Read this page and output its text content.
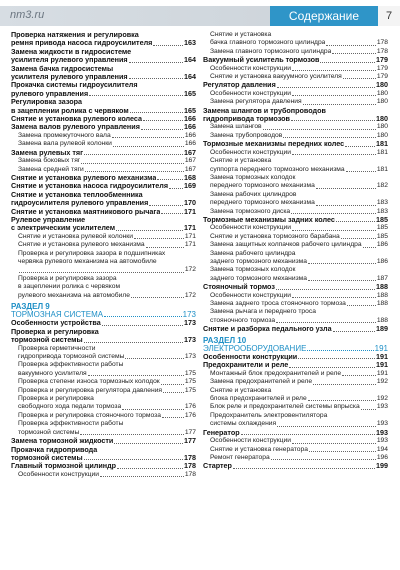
nm3.ru	Содержание	7
Проверка натяжения и регулировка
ремня привода насоса гидроусилителя	163
Замена жидкости в гидросистеме
усилителя рулевого управления	164
Замена бачка гидросистемы
усилителя рулевого управления	164
Прокачка системы гидроусилителя
рулевого управления	165
Регулировка зазора
в зацеплении ролика с червяком	165
Снятие и установка рулевого колеса	166
Замена валов рулевого управления	166
Замена промежуточного вала	166
Замена вала рулевой колонки	166
Замена рулевых тяг	167
Замена боковых тяг	167
Замена средней тяги	167
Снятие и установка рулевого механизма	168
Снятие и установка насоса гидроусилителя 169
Снятие и установка теплообменника
гидроусилителя рулевого управления	170
Снятие и установка маятникового рычага	171
Рулевое управление
с электрическим усилителем	171
Снятие и установка рулевой колонки	171
Снятие и установка рулевого механизма	171
Проверка и регулировка зазора в подшипниках
червяка рулевого механизма на автомобиле
172
Проверка и регулировка зазора
в зацеплении ролика с червяком
рулевого механизма на автомобиле	172
РАЗДЕЛ 9
ТОРМОЗНАЯ СИСТЕМА	173
Особенности устройства	173
Проверка и регулировка
тормозной системы	173
Проверка герметичности
гидропривода тормозной системы	173
Проверка эффективности работы
вакуумного усилителя	175
Проверка степени износа тормозных колодок	175
Проверка и регулировка регулятора давления	175
Проверка и регулировка
свободного хода педали тормоза	176
Проверка и регулировка стояночного тормоза	176
Проверка эффективности работы
тормозной системы	177
Замена тормозной жидкости	177
Прокачка гидропривода
тормозной системы	178
Главный тормозной цилиндр	178
Особенности конструкции	178
Снятие и установка
бачка главного тормозного цилиндра	178
Замена главного тормозного цилиндра	178
Вакуумный усилитель тормозов	179
Особенности конструкции	179
Снятие и установка вакуумного усилителя	179
Регулятор давления	180
Особенности конструкции	180
Замена регулятора давления	180
Замена шлангов и трубопроводов
гидропривода тормозов	180
Замена шлангов	180
Замена трубопроводов	180
Тормозные механизмы передних колес	181
Особенности конструкции	181
Снятие и установка
суппорта переднего тормозного механизма	181
Замена тормозных колодок
переднего тормозного механизма	182
Замена рабочих цилиндров
переднего тормозного механизма	183
Замена тормозного диска	183
Тормозные механизмы задних колес	185
Особенности конструкции	185
Снятие и установка тормозного барабана	185
Замена защитных колпачков рабочего цилиндра 186
Замена рабочего цилиндра
заднего тормозного механизма	186
Замена тормозных колодок
заднего тормозного механизма	187
Стояночный тормоз	188
Особенности конструкции	188
Замена заднего троса стояночного тормоза	188
Замена рычага и переднего троса
стояночного тормоза	188
Снятие и разборка педального узла	189
РАЗДЕЛ 10
ЭЛЕКТРООБОРУДОВАНИЕ	191
Особенности конструкции	191
Предохранители и реле	191
Монтажный блок предохранителей и реле	191
Замена предохранителей и реле	192
Снятие и установка
блока предохранителей и реле	192
Блок реле и предохранителей системы впрыска	193
Предохранитель электровентилятора
системы охлаждения	193
Генератор	193
Особенности конструкции	193
Снятие и установка генератора	194
Ремонт генератора	196
Стартер	199
